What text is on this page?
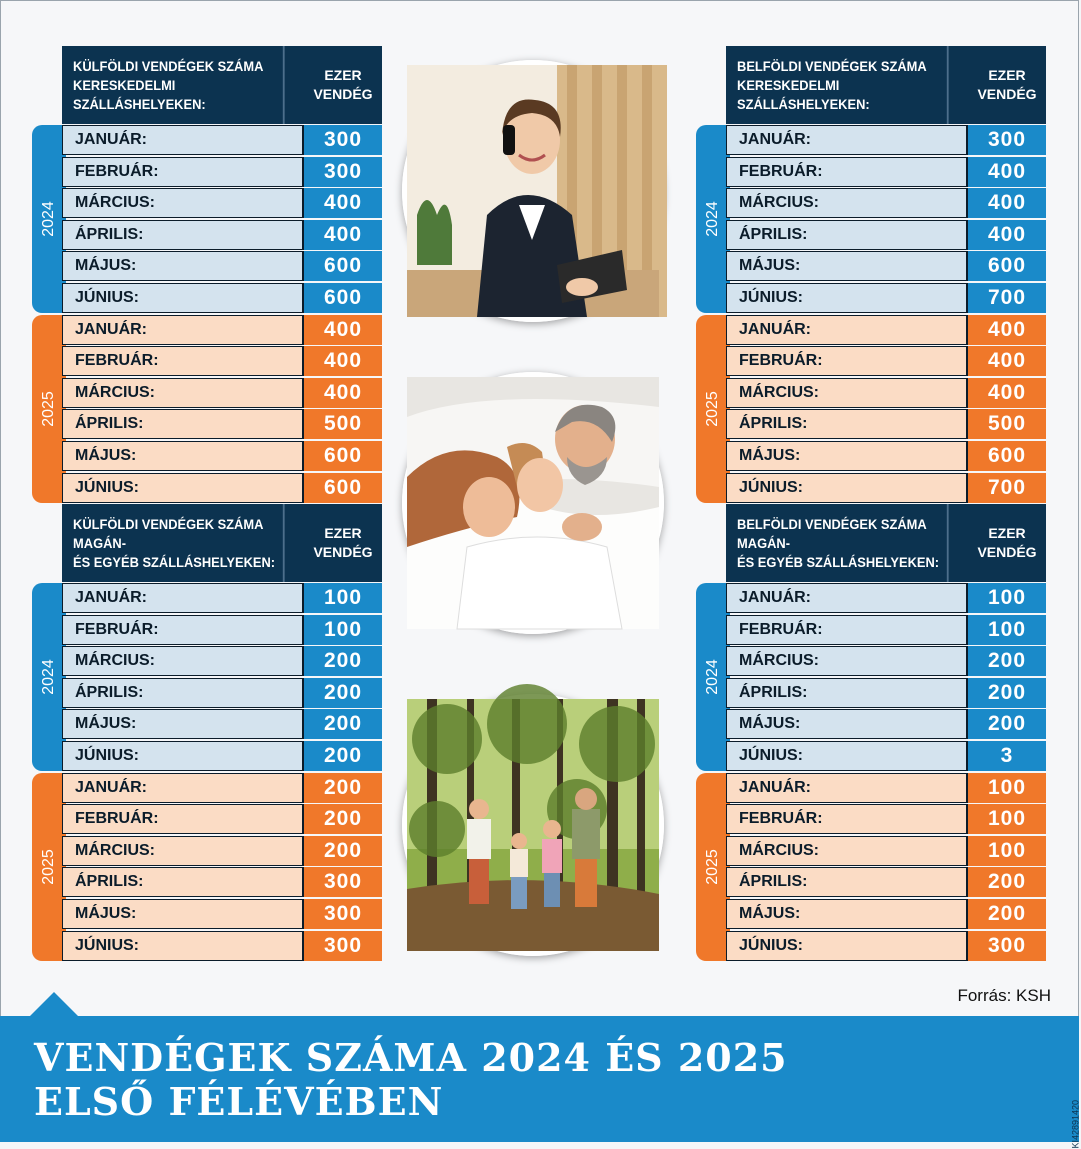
KÜLFÖLDI VENDÉGEK SZÁMA
KERESKEDELMI SZÁLLÁSHELYEKEN:
EZER
VENDÉG
2024
2025
JANUÁR:	300
FEBRUÁR:	300
MÁRCIUS:	400
ÁPRILIS:	400
MÁJUS:	600
JÚNIUS:	600
JANUÁR:	400
FEBRUÁR:	400
MÁRCIUS:	400
ÁPRILIS:	500
MÁJUS:	600
JÚNIUS:	600
BELFÖLDI VENDÉGEK SZÁMA
KERESKEDELMI SZÁLLÁSHELYEKEN:
EZER
VENDÉG
2024
2025
JANUÁR:	300
FEBRUÁR:	400
MÁRCIUS:	400
ÁPRILIS:	400
MÁJUS:	600
JÚNIUS:	700
JANUÁR:	400
FEBRUÁR:	400
MÁRCIUS:	400
ÁPRILIS:	500
MÁJUS:	600
JÚNIUS:	700
KÜLFÖLDI VENDÉGEK SZÁMA MAGÁN-
ÉS EGYÉB SZÁLLÁSHELYEKEN:
EZER
VENDÉG
2024
2025
JANUÁR:	100
FEBRUÁR:	100
MÁRCIUS:	200
ÁPRILIS:	200
MÁJUS:	200
JÚNIUS:	200
JANUÁR:	200
FEBRUÁR:	200
MÁRCIUS:	200
ÁPRILIS:	300
MÁJUS:	300
JÚNIUS:	300
BELFÖLDI VENDÉGEK SZÁMA MAGÁN-
ÉS EGYÉB SZÁLLÁSHELYEKEN:
EZER
VENDÉG
2024
2025
JANUÁR:	100
FEBRUÁR:	100
MÁRCIUS:	200
ÁPRILIS:	200
MÁJUS:	200
JÚNIUS:	3
JANUÁR:	100
FEBRUÁR:	100
MÁRCIUS:	100
ÁPRILIS:	200
MÁJUS:	200
JÚNIUS:	300
Forrás: KSH
VENDÉGEK SZÁMA 2024 ÉS 2025
ELSŐ FÉLÉVÉBEN	KI42891420
